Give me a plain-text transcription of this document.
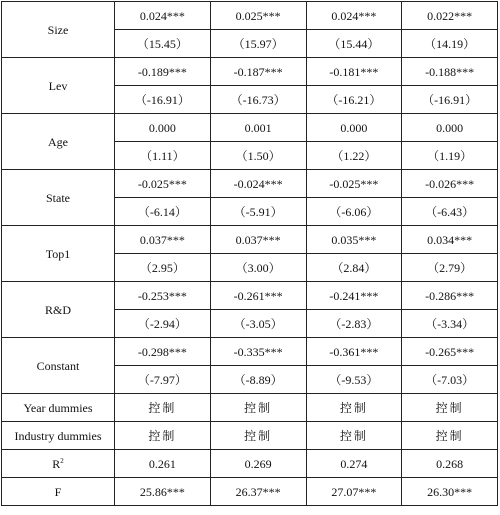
Size	0.024***	0.025***	0.024***	0.022***
	（15.45）	（15.97）	（15.44）	（14.19）
Lev	-0.189***	-0.187***	-0.181***	-0.188***
	（-16.91）	（-16.73）	（-16.21）	（-16.91）
Age	0.000	0.001	0.000	0.000
	（1.11）	（1.50）	（1.22）	（1.19）
State	-0.025***	-0.024***	-0.025***	-0.026***
	（-6.14）	（-5.91）	（-6.06）	（-6.43）
Top1	0.037***	0.037***	0.035***	0.034***
	（2.95）	（3.00）	（2.84）	（2.79）
R&D	-0.253***	-0.261***	-0.241***	-0.286***
	（-2.94）	（-3.05）	（-2.83）	（-3.34）
Constant	-0.298***	-0.335***	-0.361***	-0.265***
	（-7.97）	（-8.89）	（-9.53）	（-7.03）
Year dummies	控制	控制	控制	控制
Industry dummies	控制	控制	控制	控制
$R^2$	0.261	0.269	0.274	0.268
F	25.86***	26.37***	27.07***	26.30***
